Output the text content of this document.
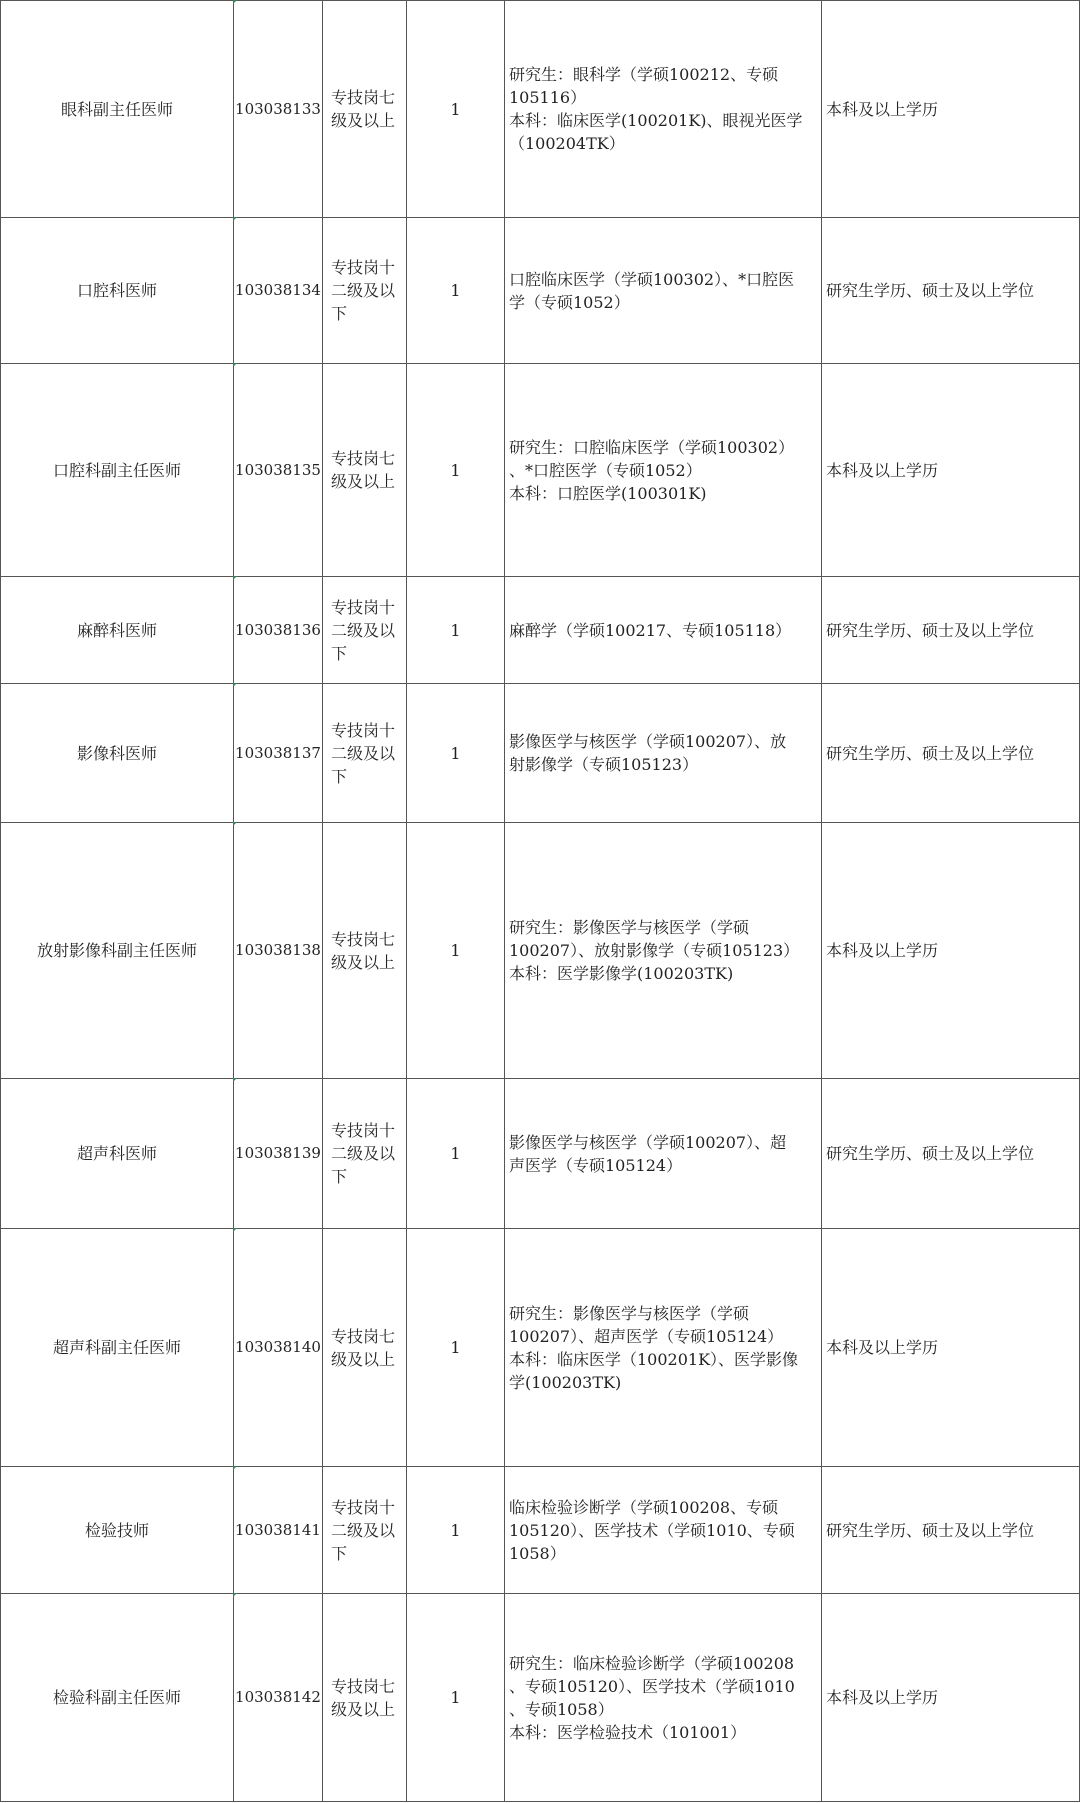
眼科副主任医师	103038133	专技岗七级及以上	1	研究生：眼科学（学硕100212、专硕
105116）
本科：临床医学(100201K)、眼视光医学
（100204TK）	本科及以上学历
口腔科医师	103038134	专技岗十二级及以下	1	口腔临床医学（学硕100302）、*口腔医
学（专硕1052）	研究生学历、硕士及以上学位
口腔科副主任医师	103038135	专技岗七级及以上	1	研究生：口腔临床医学（学硕100302）
、*口腔医学（专硕1052）
本科：口腔医学(100301K)	本科及以上学历
麻醉科医师	103038136	专技岗十二级及以下	1	麻醉学（学硕100217、专硕105118）	研究生学历、硕士及以上学位
影像科医师	103038137	专技岗十二级及以下	1	影像医学与核医学（学硕100207）、放
射影像学（专硕105123）	研究生学历、硕士及以上学位
放射影像科副主任医师	103038138	专技岗七级及以上	1	研究生：影像医学与核医学（学硕
100207）、放射影像学（专硕105123）
本科：医学影像学(100203TK)	本科及以上学历
超声科医师	103038139	专技岗十二级及以下	1	影像医学与核医学（学硕100207）、超
声医学（专硕105124）	研究生学历、硕士及以上学位
超声科副主任医师	103038140	专技岗七级及以上	1	研究生：影像医学与核医学（学硕
100207）、超声医学（专硕105124）
本科：临床医学（100201K）、医学影像
学(100203TK)	本科及以上学历
检验技师	103038141	专技岗十二级及以下	1	临床检验诊断学（学硕100208、专硕
105120）、医学技术（学硕1010、专硕
1058）	研究生学历、硕士及以上学位
检验科副主任医师	103038142	专技岗七级及以上	1	研究生：临床检验诊断学（学硕100208
、专硕105120）、医学技术（学硕1010
、专硕1058）
本科：医学检验技术（101001）	本科及以上学历
